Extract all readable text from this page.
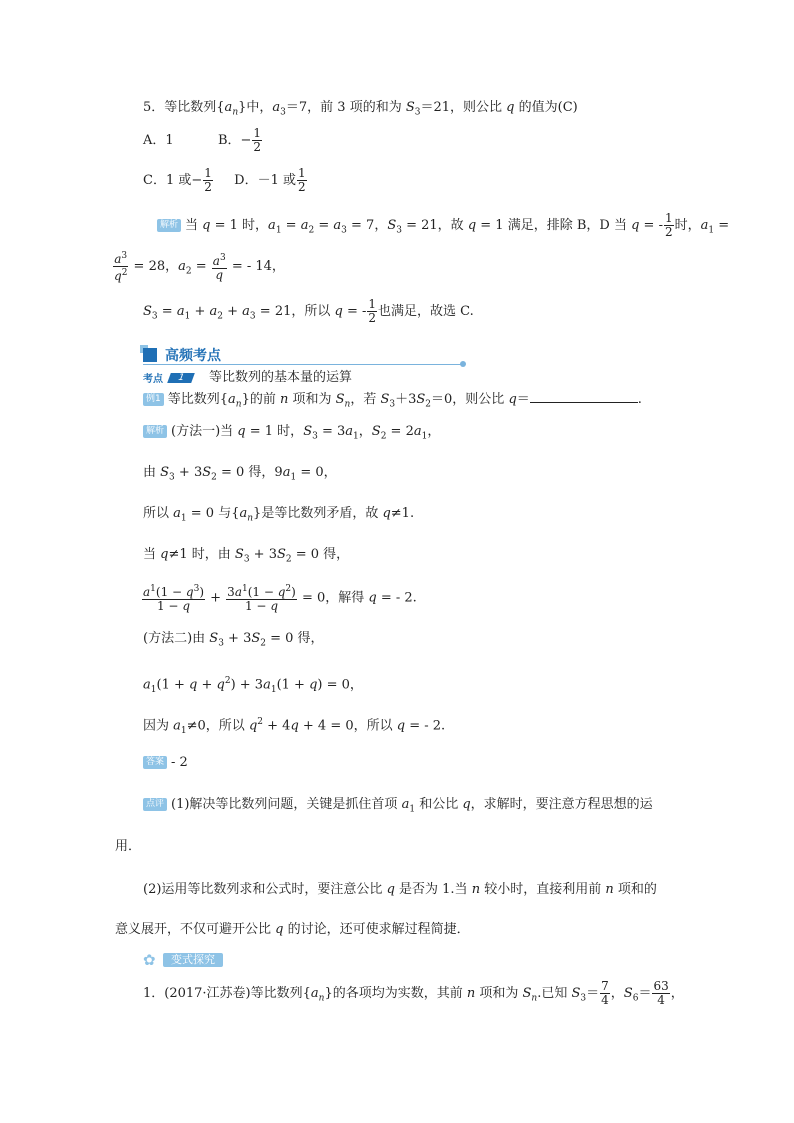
5．等比数列$\{a_n\}$中，$a_3=7$，前 3 项的和为 $S_3=21$，则公比 q 的值为(C)
A．1	B．− $\frac{1}{2}$
C．1 或− $\frac{1}{2}$ D．－1 或 $\frac{1}{2}$
解析 当 q = 1 时，$a_1 = a_2 = a_3 = 7$，$S_3 = 21$，故 q = 1 满足，排除 B，D 当 q = - $\frac{1}{2}$ 时，$a_1$ =
$\frac{a^3}{q^2} = 28$，$a_2 = \frac{a^3}{q}$ = - 14，
$S_3 = a_1 + a_2 + a_3 = 21$，所以 q = - $\frac{1}{2}$ 也满足，故选 C.
高频考点
考点	1	等比数列的基本量的运算
例1 等比数列$\{a_n\}$的前 n 项和为 $S_n$，若 $S_3+3S_2=0$，则公比 q＝	.
解析 (方法一)当 q = 1 时，$S_3 = 3a_1$，$S_2 = 2a_1$，
由 $S_3 + 3S_2 = 0$ 得，$9a_1 = 0$，
所以 $a_1 = 0$ 与$\{a_n\}$是等比数列矛盾，故 q≠1.
当 q≠1 时，由 $S_3 + 3S_2 = 0$ 得，
$\frac{a^1(1 - q^3)}{1 - q} + \frac{3a^1(1 - q^2)}{1 - q} = 0$，解得 q = - 2.
(方法二)由 $S_3 + 3S_2 = 0$ 得，
$a_1(1 + q + q^2) + 3a_1(1 + q) = 0$，
因为 $a_1\ne 0$，所以 $q^2 + 4q + 4 = 0$，所以 q = - 2.
答案 - 2
点评 (1)解决等比数列问题，关键是抓住首项 $a_1$ 和公比 q，求解时，要注意方程思想的运
用．
(2)运用等比数列求和公式时，要注意公比 q 是否为 1.当 n 较小时，直接利用前 n 项和的
意义展开，不仅可避开公比 q 的讨论，还可使求解过程简捷．
✿	变式探究
1．(2017·江苏卷)等比数列$\{a_n\}$的各项均为实数，其前 n 项和为 $S_n$.已知 $S_3= \frac{7}{4}$ ，$S_6= \frac{63}{4}$ ，
